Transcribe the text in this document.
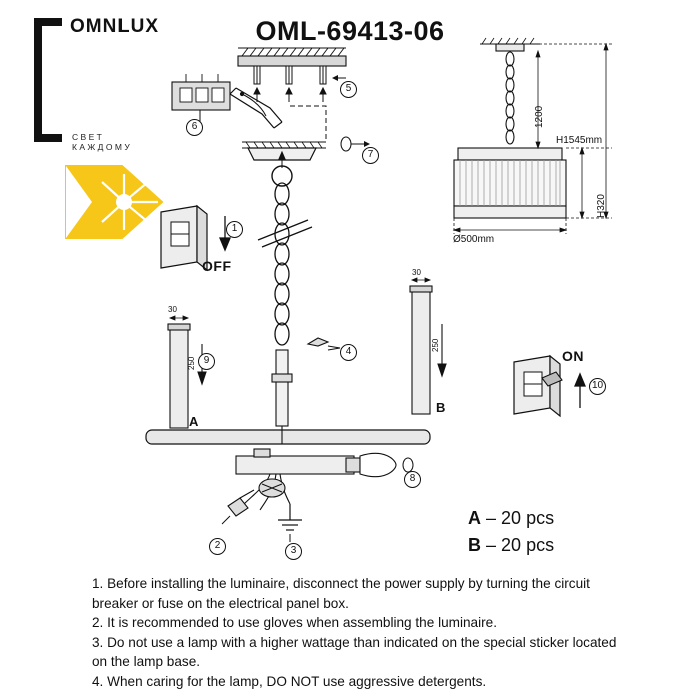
OMNI
LUX
СВЕТ КАЖДОМУ
OML-69413-06
5
6
7
4
8
2	3
1200
H320
H1545mm
Ø500mm
1
OFF
ON
10
30
250 9
A
30
250
B
A – 20 pcs
B – 20 pcs

1. Before installing the luminaire, disconnect the power supply by turning the circuit breaker or fuse on the electrical panel box.

2. It is recommended to use gloves when assembling the luminaire.

3. Do not use a lamp with a higher wattage than indicated on the special sticker located on the lamp base.

4. When caring for the lamp, DO NOT use aggressive detergents.
